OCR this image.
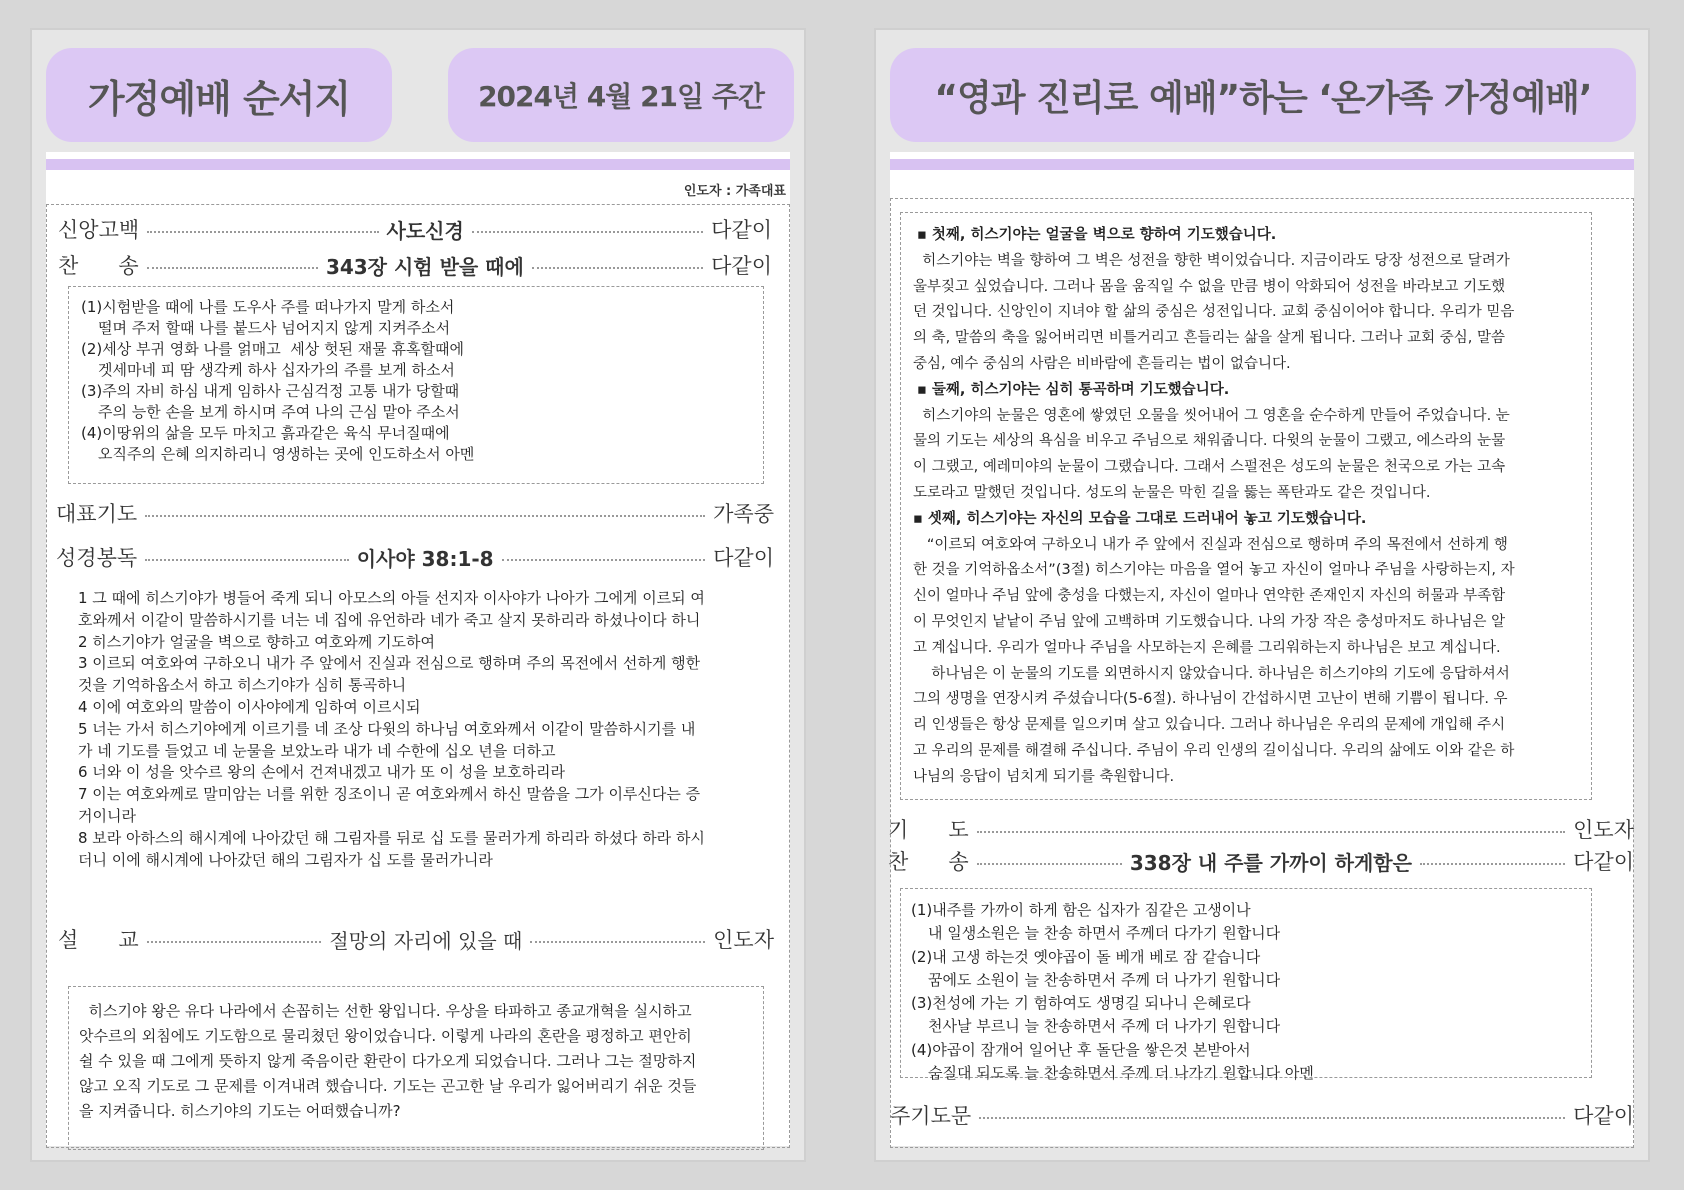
가정예배 순서지	2024년 4월 21일 주간
인도자 : 가족대표
신앙고백	사도신경	다같이
찬      송	343장 시험 받을 때에	다같이
(1)시험받을 때에 나를 도우사 주를 떠나가지 말게 하소서
떨며 주저 할때 나를 붙드사 넘어지지 않게 지켜주소서
(2)세상 부귀 영화 나를 얽매고  세상 헛된 재물 휴혹할때에
겟세마네 피 땀 생각케 하사 십자가의 주를 보게 하소서
(3)주의 자비 하심 내게 임하사 근심걱정 고통 내가 당할때
주의 능한 손을 보게 하시며 주여 나의 근심 맡아 주소서
(4)이땅위의 삶을 모두 마치고 흙과같은 육식 무너질때에
오직주의 은혜 의지하리니 영생하는 곳에 인도하소서 아멘
대표기도	가족중
성경봉독	이사야 38:1-8	다같이
1 그 때에 히스기야가 병들어 죽게 되니 아모스의 아들 선지자 이사야가 나아가 그에게 이르되 여
호와께서 이같이 말씀하시기를 너는 네 집에 유언하라 네가 죽고 살지 못하리라 하셨나이다 하니
2 히스기야가 얼굴을 벽으로 향하고 여호와께 기도하여
3 이르되 여호와여 구하오니 내가 주 앞에서 진실과 전심으로 행하며 주의 목전에서 선하게 행한
것을 기억하옵소서 하고 히스기야가 심히 통곡하니
4 이에 여호와의 말씀이 이사야에게 임하여 이르시되
5 너는 가서 히스기야에게 이르기를 네 조상 다윗의 하나님 여호와께서 이같이 말씀하시기를 내
가 네 기도를 들었고 네 눈물을 보았노라 내가 네 수한에 십오 년을 더하고
6 너와 이 성을 앗수르 왕의 손에서 건져내겠고 내가 또 이 성을 보호하리라
7 이는 여호와께로 말미암는 너를 위한 징조이니 곧 여호와께서 하신 말씀을 그가 이루신다는 증
거이니라
8 보라 아하스의 해시계에 나아갔던 해 그림자를 뒤로 십 도를 물러가게 하리라 하셨다 하라 하시
더니 이에 해시계에 나아갔던 해의 그림자가 십 도를 물러가니라
설      교	절망의 자리에 있을 때	인도자
히스기야 왕은 유다 나라에서 손꼽히는 선한 왕입니다. 우상을 타파하고 종교개혁을 실시하고
앗수르의 외침에도 기도함으로 물리쳤던 왕이었습니다. 이렇게 나라의 혼란을 평정하고 편안히
쉴 수 있을 때 그에게 뜻하지 않게 죽음이란 환란이 다가오게 되었습니다. 그러나 그는 절망하지
않고 오직 기도로 그 문제를 이겨내려 했습니다. 기도는 곤고한 날 우리가 잃어버리기 쉬운 것들
을 지켜줍니다. 히스기야의 기도는 어떠했습니까?
“영과 진리로 예배”하는 ‘온가족 가정예배’
▪ 첫째, 히스기야는 얼굴을 벽으로 향하여 기도했습니다.
히스기야는 벽을 향하여 그 벽은 성전을 향한 벽이었습니다. 지금이라도 당장 성전으로 달려가
울부짖고 싶었습니다. 그러나 몸을 움직일 수 없을 만큼 병이 악화되어 성전을 바라보고 기도했
던 것입니다. 신앙인이 지녀야 할 삶의 중심은 성전입니다. 교회 중심이어야 합니다. 우리가 믿음
의 축, 말씀의 축을 잃어버리면 비틀거리고 흔들리는 삶을 살게 됩니다. 그러나 교회 중심, 말씀
중심, 예수 중심의 사람은 비바람에 흔들리는 법이 없습니다.
▪ 둘째, 히스기야는 심히 통곡하며 기도했습니다.
히스기야의 눈물은 영혼에 쌓였던 오물을 씻어내어 그 영혼을 순수하게 만들어 주었습니다. 눈
물의 기도는 세상의 욕심을 비우고 주님으로 채워줍니다. 다윗의 눈물이 그랬고, 에스라의 눈물
이 그랬고, 예레미야의 눈물이 그랬습니다. 그래서 스펄전은 성도의 눈물은 천국으로 가는 고속
도로라고 말했던 것입니다. 성도의 눈물은 막힌 길을 뚫는 폭탄과도 같은 것입니다.
▪ 셋째, 히스기야는 자신의 모습을 그대로 드러내어 놓고 기도했습니다.
“이르되 여호와여 구하오니 내가 주 앞에서 진실과 전심으로 행하며 주의 목전에서 선하게 행
한 것을 기억하옵소서”(3절) 히스기야는 마음을 열어 놓고 자신이 얼마나 주님을 사랑하는지, 자
신이 얼마나 주님 앞에 충성을 다했는지, 자신이 얼마나 연약한 존재인지 자신의 허물과 부족함
이 무엇인지 낱낱이 주님 앞에 고백하며 기도했습니다. 나의 가장 작은 충성마저도 하나님은 알
고 계십니다. 우리가 얼마나 주님을 사모하는지 은혜를 그리워하는지 하나님은 보고 계십니다.
하나님은 이 눈물의 기도를 외면하시지 않았습니다. 하나님은 히스기야의 기도에 응답하셔서
그의 생명을 연장시켜 주셨습니다(5-6절). 하나님이 간섭하시면 고난이 변해 기쁨이 됩니다. 우
리 인생들은 항상 문제를 일으키며 살고 있습니다. 그러나 하나님은 우리의 문제에 개입해 주시
고 우리의 문제를 해결해 주십니다. 주님이 우리 인생의 길이십니다. 우리의 삶에도 이와 같은 하
나님의 응답이 넘치게 되기를 축원합니다.
기      도	인도자
찬      송	338장 내 주를 가까이 하게함은	다같이
(1)내주를 가까이 하게 함은 십자가 짐같은 고생이나
내 일생소원은 늘 찬송 하면서 주께더 다가기 원합니다
(2)내 고생 하는것 옛야곱이 돌 베개 베로 잠 같습니다
꿈에도 소원이 늘 찬송하면서 주께 더 나가기 원합니다
(3)천성에 가는 기 험하여도 생명길 되나니 은혜로다
천사날 부르니 늘 찬송하면서 주께 더 나가기 원합니다
(4)야곱이 잠개어 일어난 후 돌단을 쌓은것 본받아서
숨질대 되도록 늘 찬송하면서 주께 더 나가기 원합니다 아멘
주기도문	다같이
